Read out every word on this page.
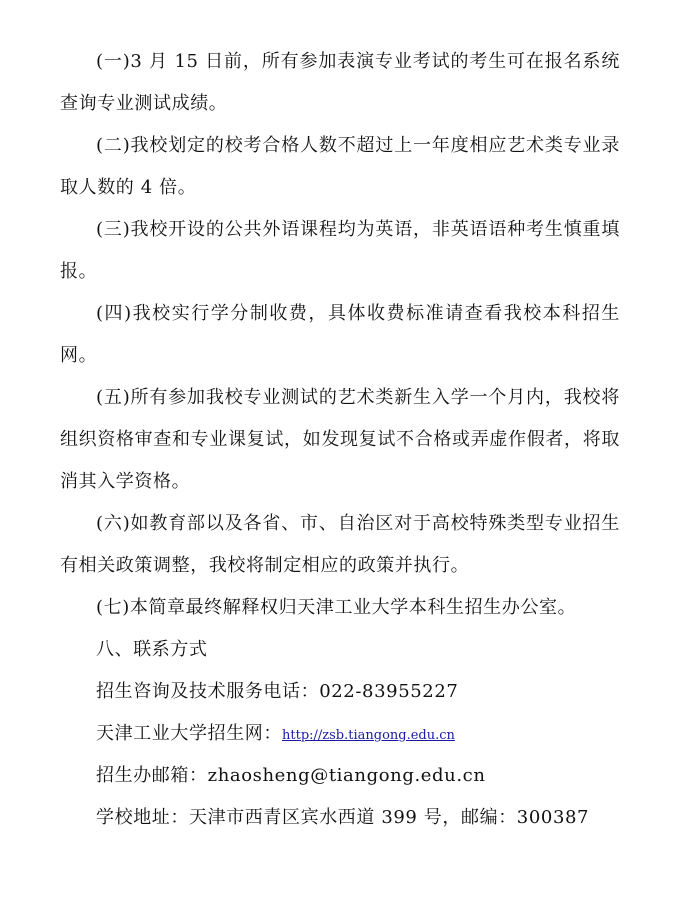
(一)3 月 15 日前，所有参加表演专业考试的考生可在报名系统查询专业测试成绩。

(二)我校划定的校考合格人数不超过上一年度相应艺术类专业录取人数的 4 倍。

(三)我校开设的公共外语课程均为英语，非英语语种考生慎重填报。

(四)我校实行学分制收费，具体收费标准请查看我校本科招生网。

(五)所有参加我校专业测试的艺术类新生入学一个月内，我校将组织资格审查和专业课复试，如发现复试不合格或弄虚作假者，将取消其入学资格。

(六)如教育部以及各省、市、自治区对于高校特殊类型专业招生有相关政策调整，我校将制定相应的政策并执行。

(七)本简章最终解释权归天津工业大学本科生招生办公室。

八、联系方式

招生咨询及技术服务电话：022-83955227

天津工业大学招生网：http://zsb.tiangong.edu.cn

招生办邮箱：zhaosheng@tiangong.edu.cn

学校地址：天津市西青区宾水西道 399 号，邮编：300387
